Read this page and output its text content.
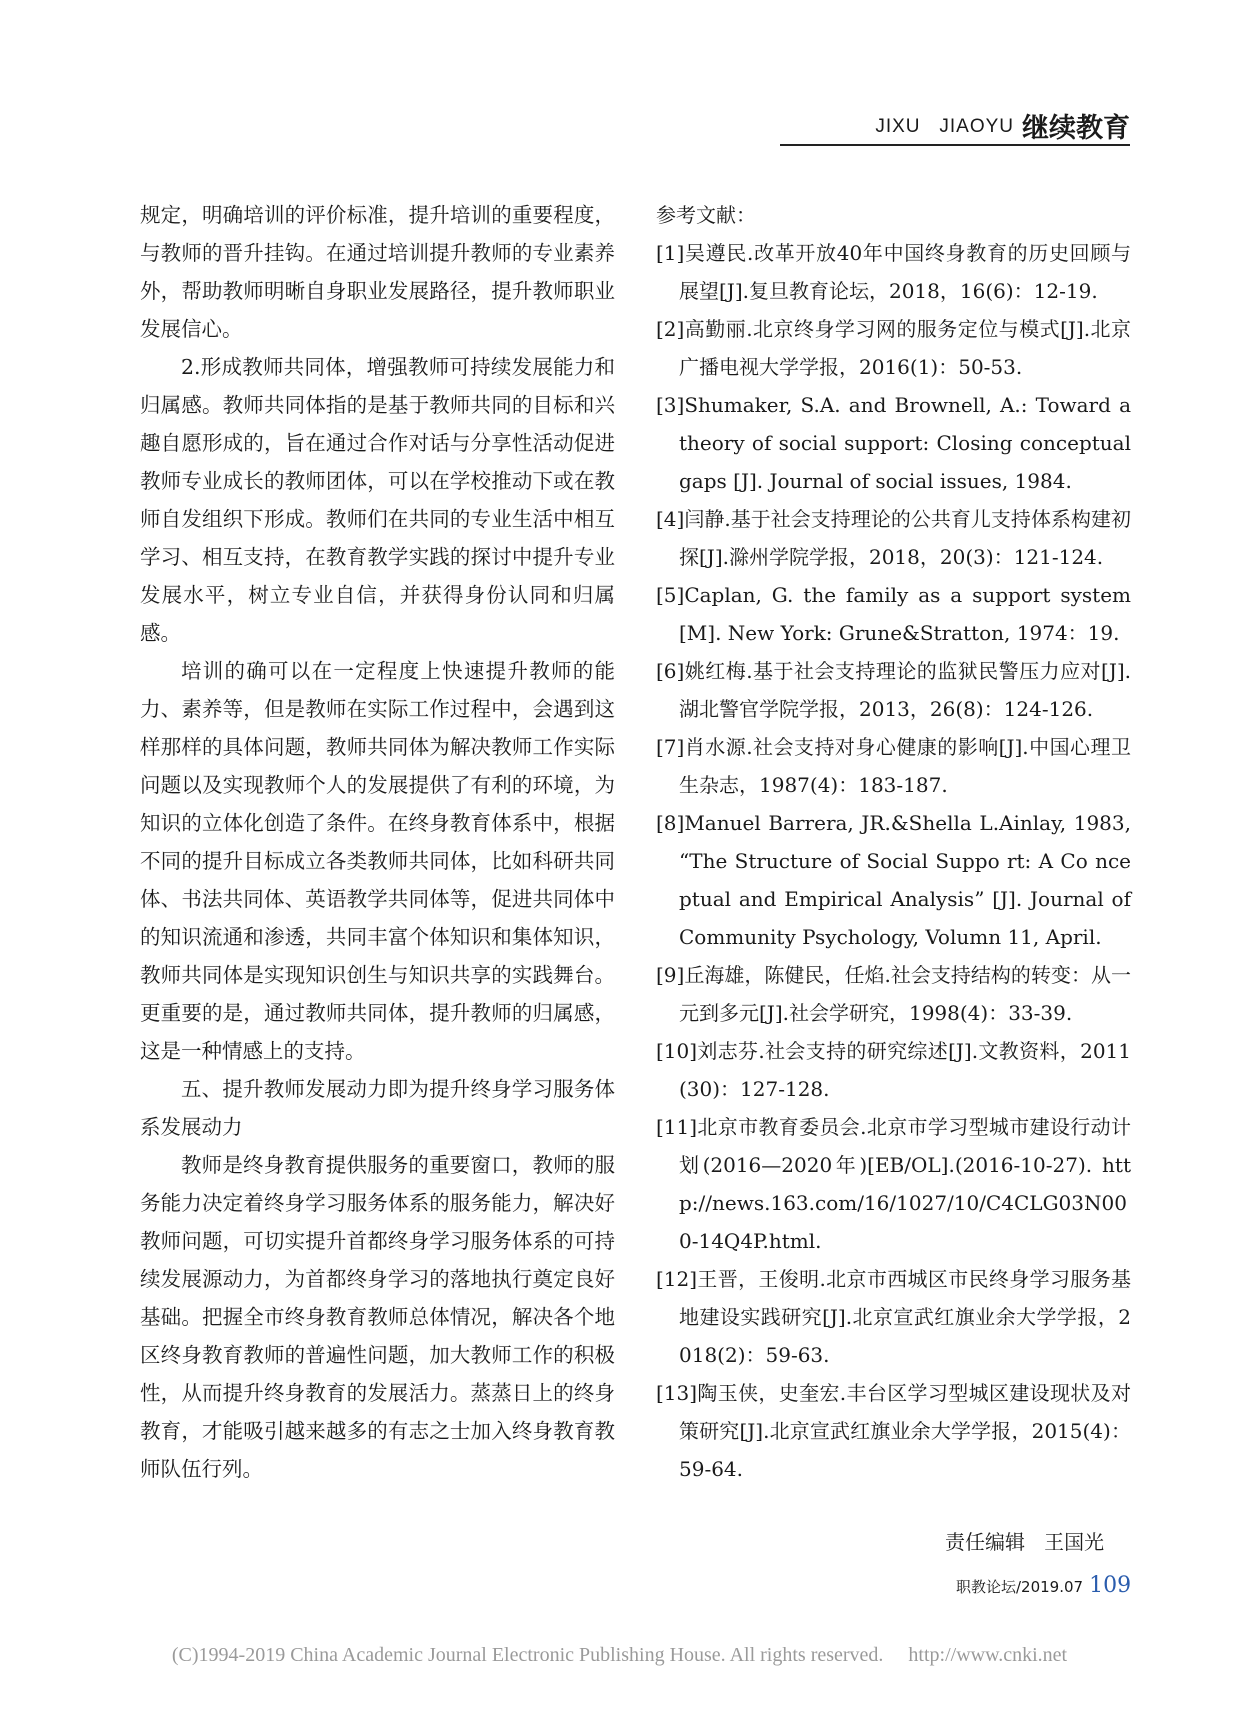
JIXU   JIAOYU 继续教育

规定，明确培训的评价标准，提升培训的重要程度，与教师的晋升挂钩。在通过培训提升教师的专业素养外，帮助教师明晰自身职业发展路径，提升教师职业发展信心。

2.形成教师共同体，增强教师可持续发展能力和归属感。教师共同体指的是基于教师共同的目标和兴趣自愿形成的，旨在通过合作对话与分享性活动促进教师专业成长的教师团体，可以在学校推动下或在教师自发组织下形成。教师们在共同的专业生活中相互学习、相互支持，在教育教学实践的探讨中提升专业发展水平，树立专业自信，并获得身份认同和归属感。

培训的确可以在一定程度上快速提升教师的能力、素养等，但是教师在实际工作过程中，会遇到这样那样的具体问题，教师共同体为解决教师工作实际问题以及实现教师个人的发展提供了有利的环境，为知识的立体化创造了条件。在终身教育体系中，根据不同的提升目标成立各类教师共同体，比如科研共同体、书法共同体、英语教学共同体等，促进共同体中的知识流通和渗透，共同丰富个体知识和集体知识，教师共同体是实现知识创生与知识共享的实践舞台。更重要的是，通过教师共同体，提升教师的归属感，这是一种情感上的支持。

五、提升教师发展动力即为提升终身学习服务体系发展动力

教师是终身教育提供服务的重要窗口，教师的服务能力决定着终身学习服务体系的服务能力，解决好教师问题，可切实提升首都终身学习服务体系的可持续发展源动力，为首都终身学习的落地执行奠定良好基础。把握全市终身教育教师总体情况，解决各个地区终身教育教师的普遍性问题，加大教师工作的积极性，从而提升终身教育的发展活力。蒸蒸日上的终身教育，才能吸引越来越多的有志之士加入终身教育教师队伍行列。

参考文献：

[1]吴遵民.改革开放40年中国终身教育的历史回顾与展望[J].复旦教育论坛，2018，16(6)：12-19.

[2]高勤丽.北京终身学习网的服务定位与模式[J].北京广播电视大学学报，2016(1)：50-53.

[3]Shumaker, S.A. and Brownell, A.: Toward a theory of social support: Closing conceptual gaps [J]. Journal of social issues, 1984.

[4]闫静.基于社会支持理论的公共育儿支持体系构建初探[J].滁州学院学报，2018，20(3)：121-124.

[5]Caplan, G. the family as a support system[M]. New York: Grune&Stratton, 1974：19.

[6]姚红梅.基于社会支持理论的监狱民警压力应对[J].湖北警官学院学报，2013，26(8)：124-126.

[7]肖水源.社会支持对身心健康的影响[J].中国心理卫生杂志，1987(4)：183-187.

[8]Manuel Barrera, JR.&Shella L.Ainlay, 1983, “The Structure of Social Suppo rt: A Co nceptual and Empirical Analysis” [J]. Journal of Community Psychology, Volumn 11, April.

[9]丘海雄，陈健民，任焰.社会支持结构的转变：从一元到多元[J].社会学研究，1998(4)：33-39.

[10]刘志芬.社会支持的研究综述[J].文教资料，2011(30)：127-128.

[11]北京市教育委员会.北京市学习型城市建设行动计划(2016—2020年)[EB/OL].(2016-10-27). http://news.163.com/16/1027/10/C4CLG03N000-14Q4P.html.

[12]王晋，王俊明.北京市西城区市民终身学习服务基地建设实践研究[J].北京宣武红旗业余大学学报，2018(2)：59-63.

[13]陶玉侠，史奎宏.丰台区学习型城区建设现状及对策研究[J].北京宣武红旗业余大学学报，2015(4)：59-64.

责任编辑   王国光
职教论坛/2019.07 109
(C)1994-2019 China Academic Journal Electronic Publishing House. All rights reserved.     http://www.cnki.net
